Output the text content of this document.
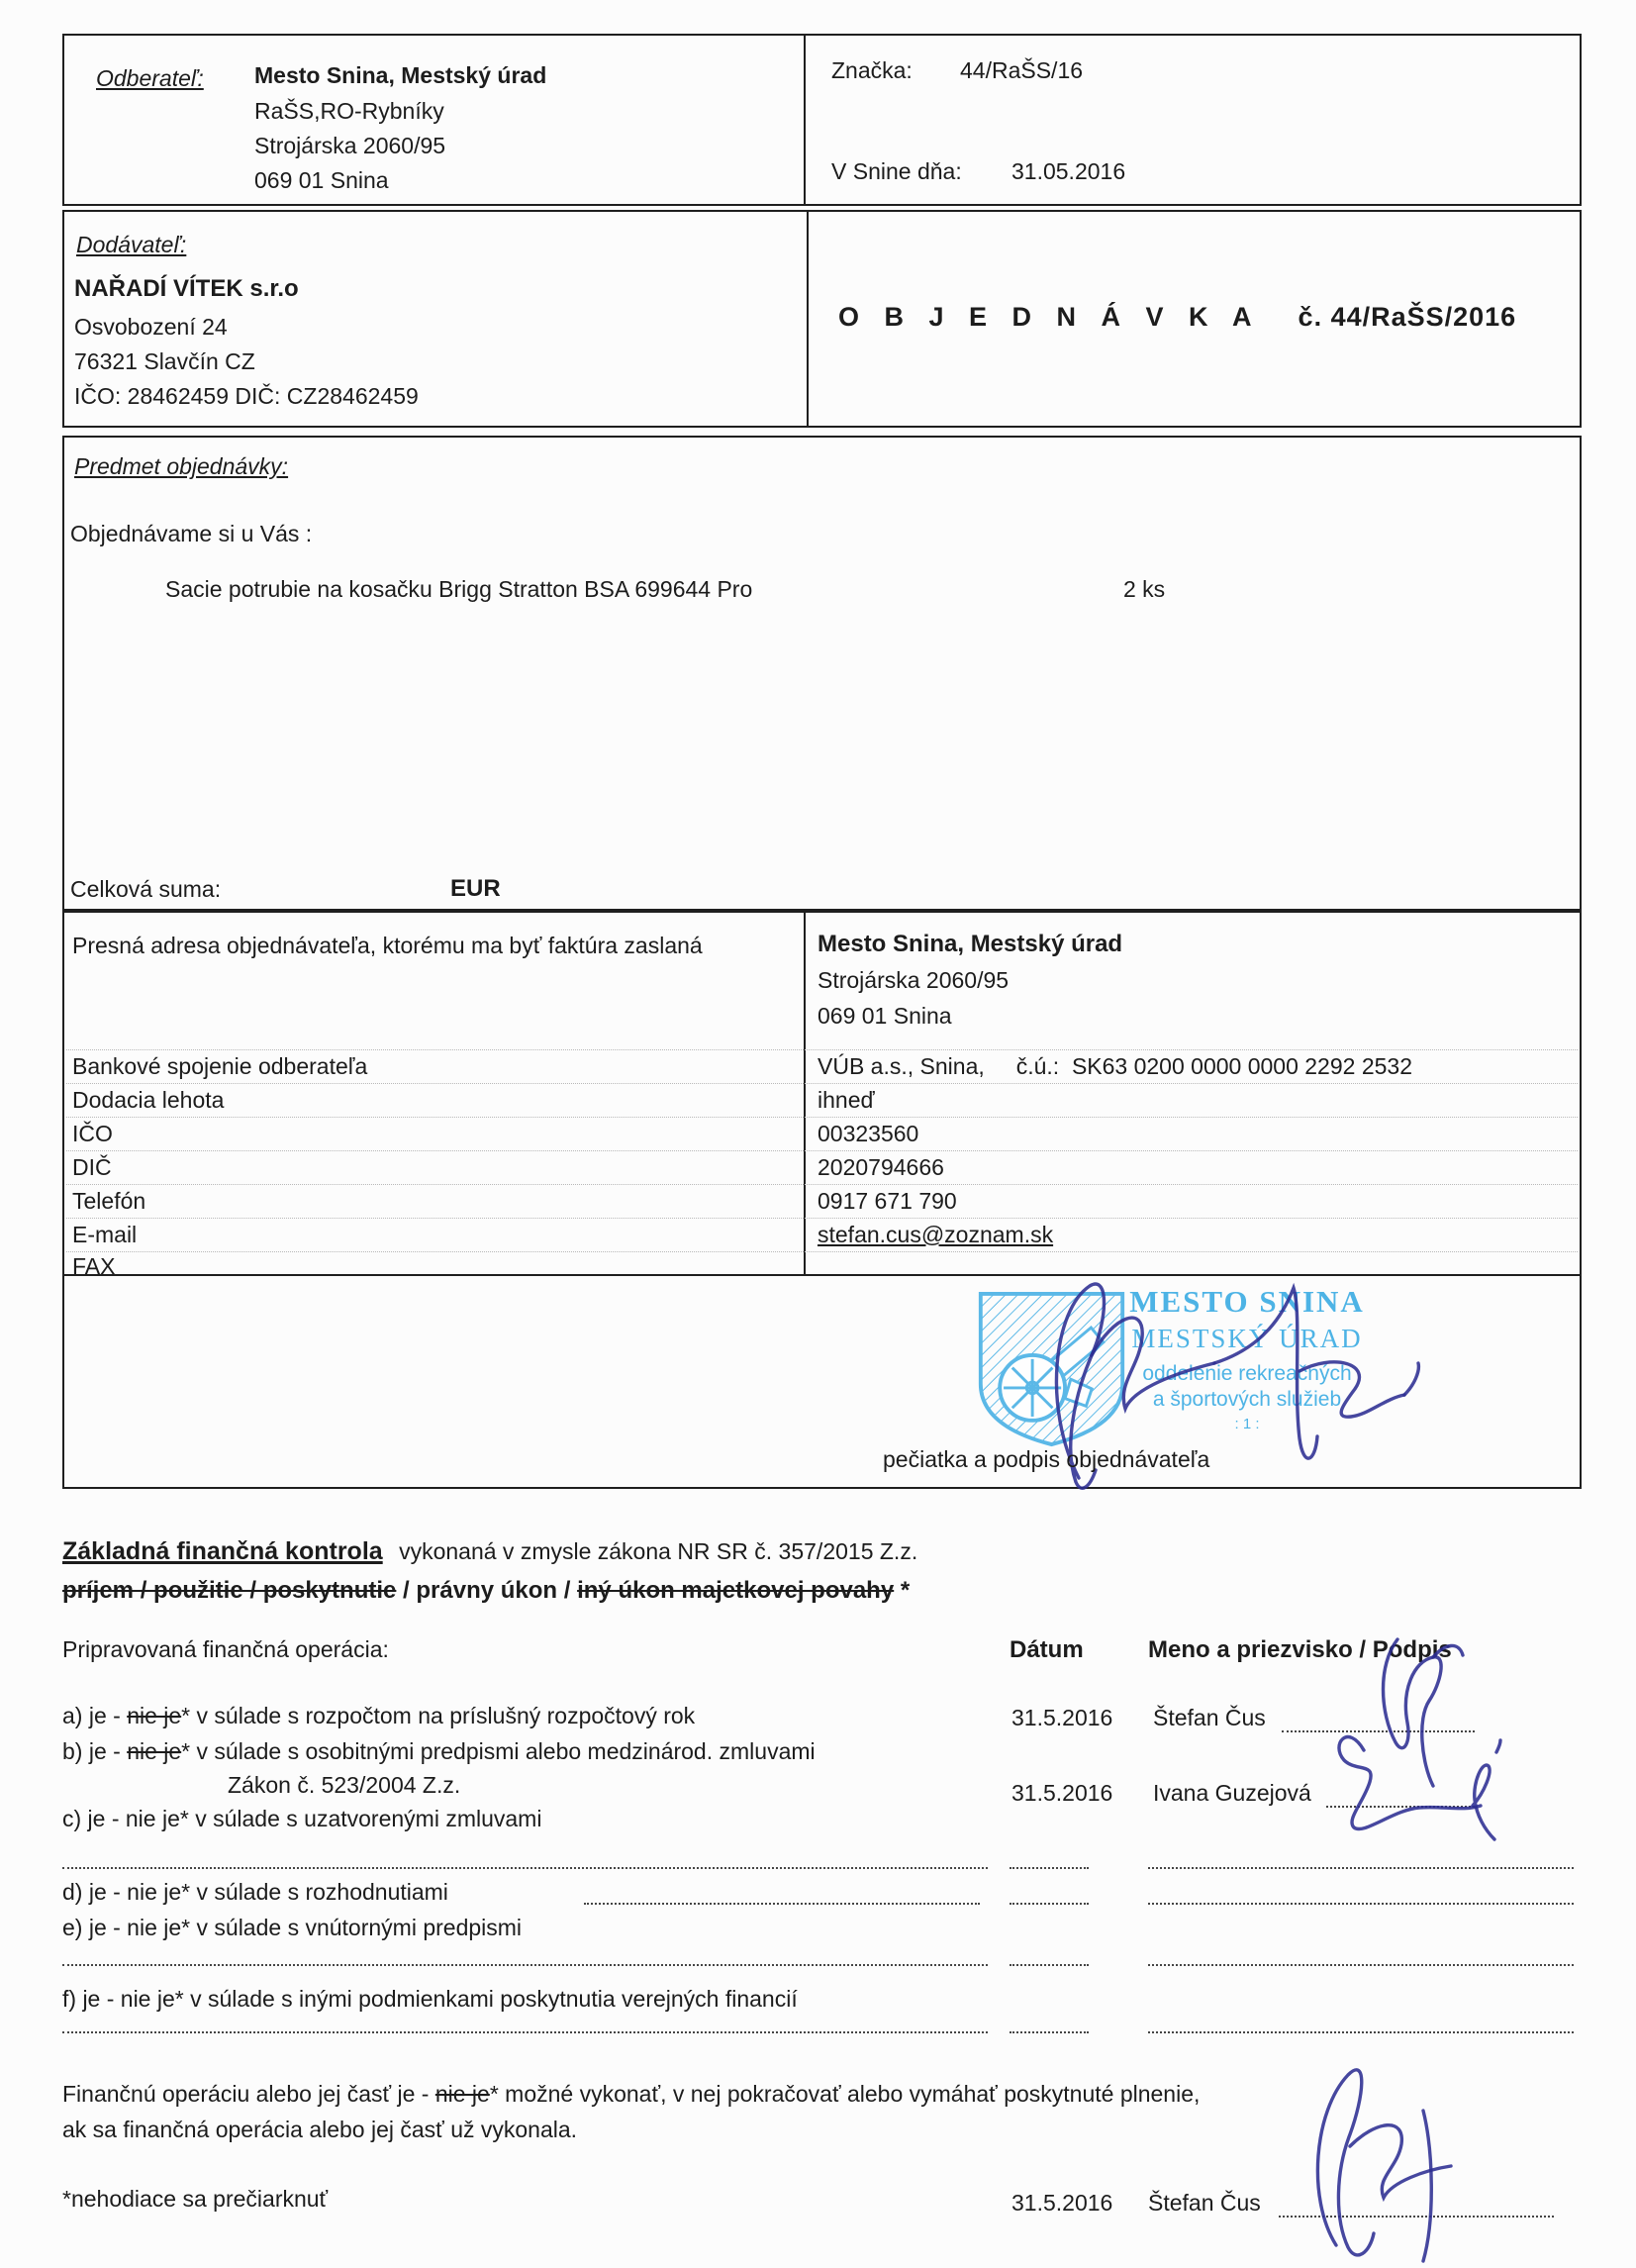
Odberateľ: Mesto Snina, Mestský úrad
RaŠS,RO-Rybníky
Strojárska 2060/95
069 01 Snina
Značka: 44/RaŠS/16
V Snine dňa: 31.05.2016
Dodávateľ:
NAŘADÍ VÍTEK s.r.o
Osvobození 24
76321 Slavčín CZ
IČO: 28462459 DIČ: CZ28462459
O B J E D N Á V K A č. 44/RaŠS/2016
Predmet objednávky:
Objednávame si u Vás :
Sacie potrubie na kosačku Brigg Stratton BSA 699644 Pro	2 ks
Celková suma:	EUR
Presná adresa objednávateľa, ktorému ma byť faktúra zaslaná	Mesto Snina, Mestský úrad
Strojárska 2060/95
069 01 Snina
Bankové spojenie odberateľa	VÚB a.s., Snina,     č.ú.:  SK63 0200 0000 0000 2292 2532
Dodacia lehota	ihneď
IČO	00323560
DIČ	2020794666
Telefón	0917 671 790
E-mail	stefan.cus@zoznam.sk
FAX
MESTO SNINA
MESTSKÝ ÚRAD
oddelenie rekreačných
a športových služieb
: 1 :
pečiatka a podpis objednávateľa
Základná finančná kontrola vykonaná v zmysle zákona NR SR č. 357/2015 Z.z.
príjem / použitie / poskytnutie / právny úkon / iný úkon majetkovej povahy *
Pripravovaná finančná operácia:	Dátum	Meno a priezvisko / Podpis
a) je - nie je* v súlade s rozpočtom na príslušný rozpočtový rok	31.5.2016 Štefan Čus
b) je - nie je* v súlade s osobitnými predpismi alebo medzinárod. zmluvami
Zákon č. 523/2004 Z.z.	31.5.2016 Ivana Guzejová
c) je - nie je* v súlade s uzatvorenými zmluvami
d) je - nie je* v súlade s rozhodnutiami
e) je - nie je* v súlade s vnútornými predpismi
f) je - nie je* v súlade s inými podmienkami poskytnutia verejných financií
Finančnú operáciu alebo jej časť je - nie je* možné vykonať, v nej pokračovať alebo vymáhať poskytnuté plnenie,
ak sa finančná operácia alebo jej časť už vykonala.
*nehodiace sa prečiarknuť	31.5.2016 Štefan Čus
